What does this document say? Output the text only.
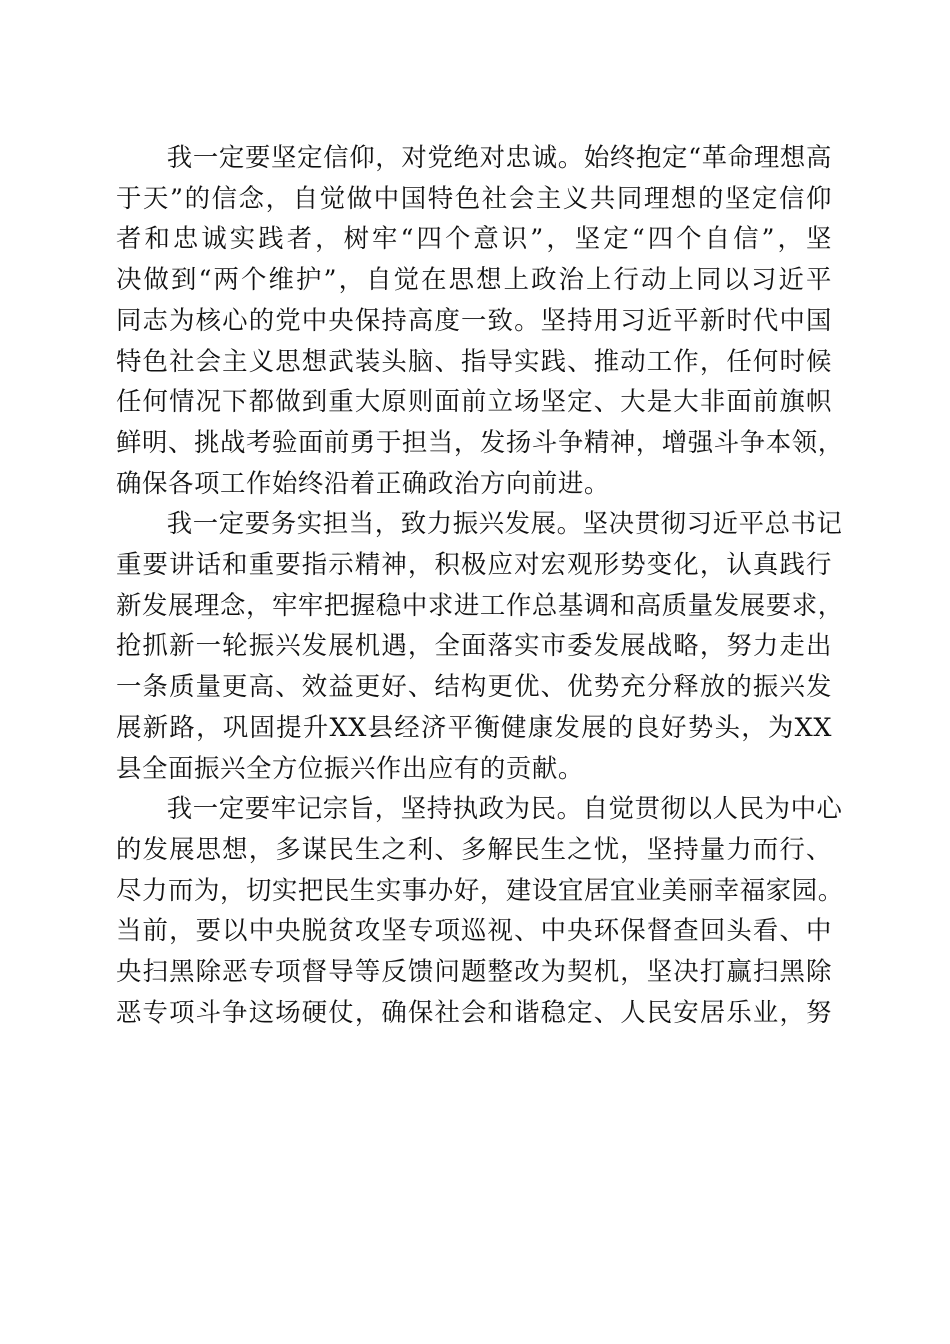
我一定要坚定信仰，对党绝对忠诚。始终抱定“革命理想高
于天”的信念，自觉做中国特色社会主义共同理想的坚定信仰
者和忠诚实践者，树牢“四个意识”，坚定“四个自信”，坚
决做到“两个维护”，自觉在思想上政治上行动上同以习近平
同志为核心的党中央保持高度一致。坚持用习近平新时代中国
特色社会主义思想武装头脑、指导实践、推动工作，任何时候
任何情况下都做到重大原则面前立场坚定、大是大非面前旗帜
鲜明、挑战考验面前勇于担当，发扬斗争精神，增强斗争本领，
确保各项工作始终沿着正确政治方向前进。
我一定要务实担当，致力振兴发展。坚决贯彻习近平总书记
重要讲话和重要指示精神，积极应对宏观形势变化，认真践行
新发展理念，牢牢把握稳中求进工作总基调和高质量发展要求，
抢抓新一轮振兴发展机遇，全面落实市委发展战略，努力走出
一条质量更高、效益更好、结构更优、优势充分释放的振兴发
展新路，巩固提升XX县经济平衡健康发展的良好势头，为XX
县全面振兴全方位振兴作出应有的贡献。
我一定要牢记宗旨，坚持执政为民。自觉贯彻以人民为中心
的发展思想，多谋民生之利、多解民生之忧，坚持量力而行、
尽力而为，切实把民生实事办好，建设宜居宜业美丽幸福家园。
当前，要以中央脱贫攻坚专项巡视、中央环保督查回头看、中
央扫黑除恶专项督导等反馈问题整改为契机，坚决打赢扫黑除
恶专项斗争这场硬仗，确保社会和谐稳定、人民安居乐业，努
